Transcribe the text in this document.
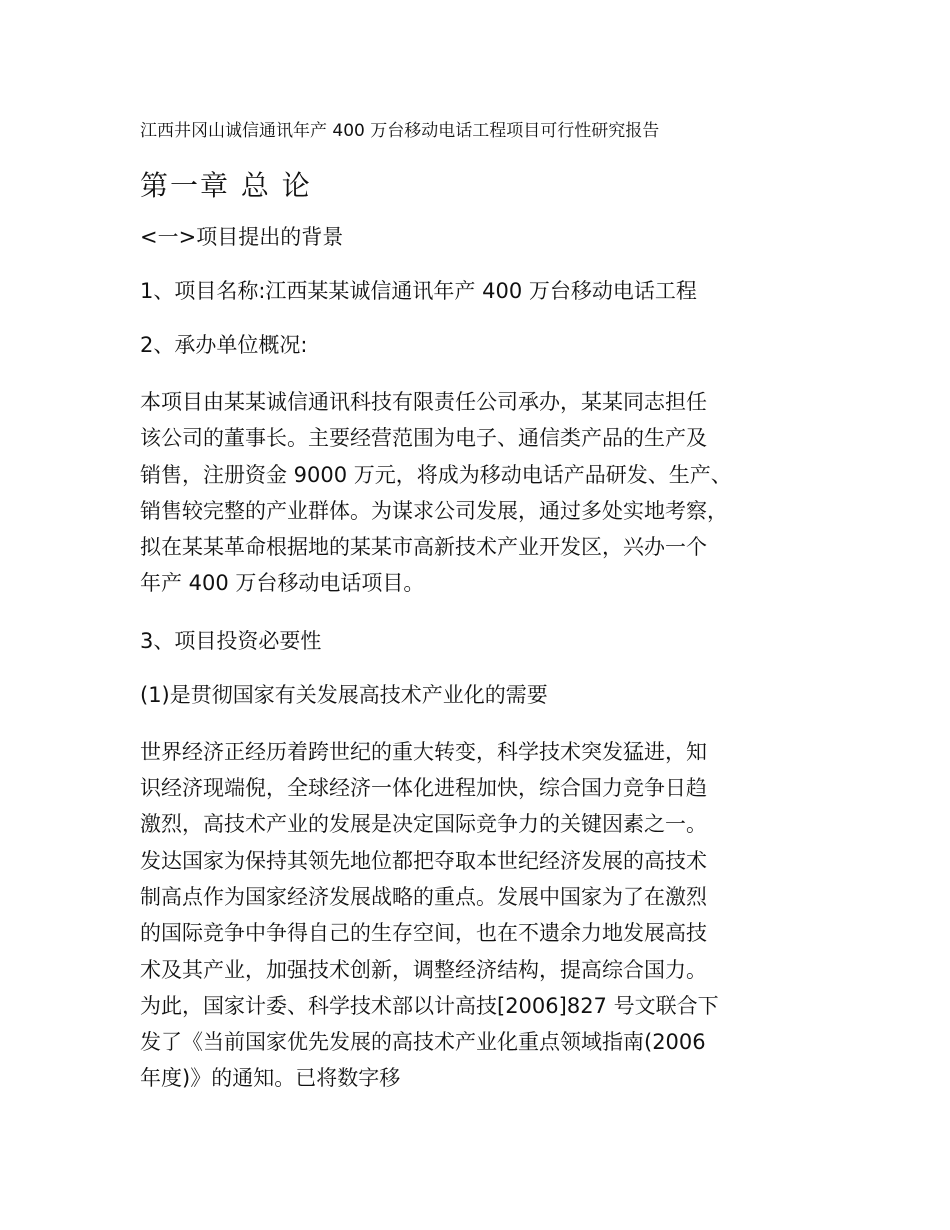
江西井冈山诚信通讯年产 400 万台移动电话工程项目可行性研究报告
第一章 总 论
<一>项目提出的背景
1、项目名称:江西某某诚信通讯年产 400 万台移动电话工程
2、承办单位概况:
本项目由某某诚信通讯科技有限责任公司承办，某某同志担任
该公司的董事长。主要经营范围为电子、通信类产品的生产及
销售，注册资金 9000 万元，将成为移动电话产品研发、生产、
销售较完整的产业群体。为谋求公司发展，通过多处实地考察，
拟在某某革命根据地的某某市高新技术产业开发区，兴办一个
年产 400 万台移动电话项目。
3、项目投资必要性
(1)是贯彻国家有关发展高技术产业化的需要
世界经济正经历着跨世纪的重大转变，科学技术突发猛进，知
识经济现端倪，全球经济一体化进程加快，综合国力竞争日趋
激烈，高技术产业的发展是决定国际竞争力的关键因素之一。
发达国家为保持其领先地位都把夺取本世纪经济发展的高技术
制高点作为国家经济发展战略的重点。发展中国家为了在激烈
的国际竞争中争得自己的生存空间，也在不遗余力地发展高技
术及其产业，加强技术创新，调整经济结构，提高综合国力。
为此，国家计委、科学技术部以计高技[2006]827 号文联合下
发了《当前国家优先发展的高技术产业化重点领域指南(2006
年度)》的通知。已将数字移
